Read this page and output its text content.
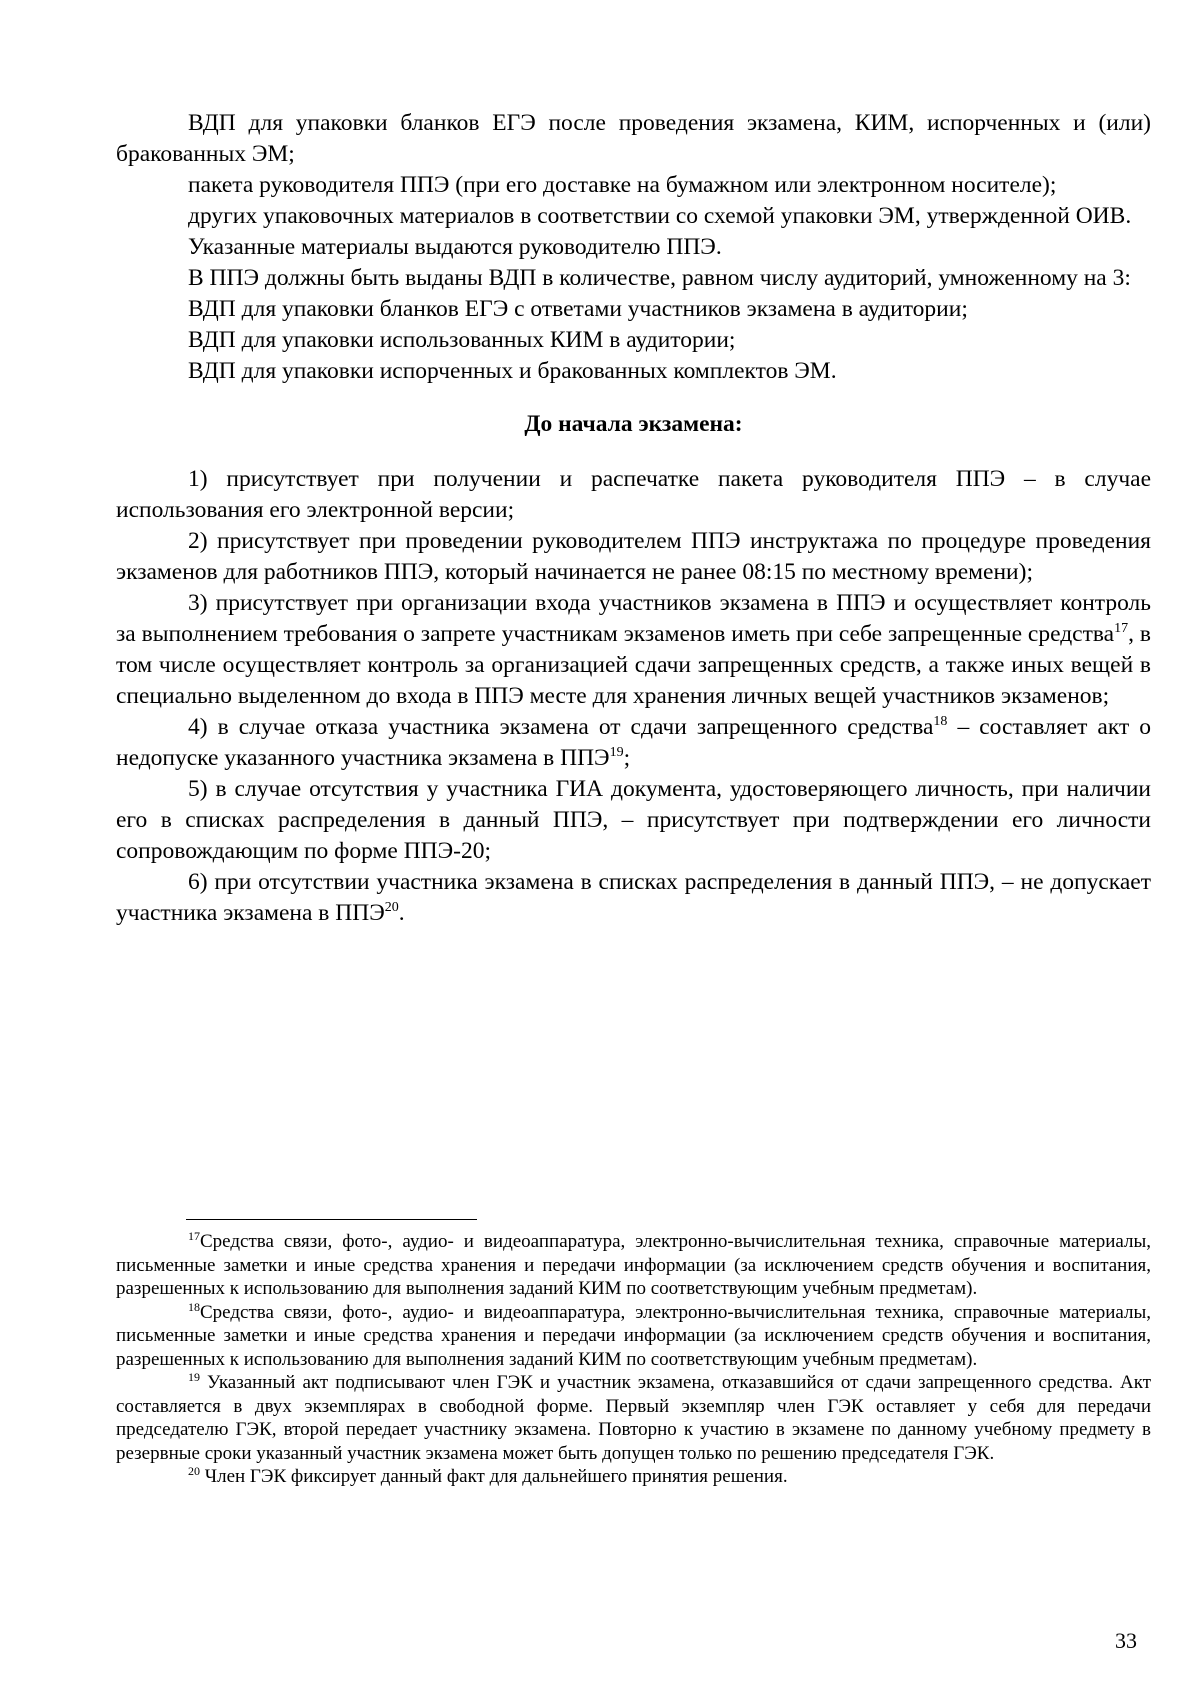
ВДП для упаковки бланков ЕГЭ после проведения экзамена, КИМ, испорченных и (или) бракованных ЭМ;

пакета руководителя ППЭ (при его доставке на бумажном или электронном носителе);

других упаковочных материалов в соответствии со схемой упаковки ЭМ, утвержденной ОИВ.

Указанные материалы выдаются руководителю ППЭ.

В ППЭ должны быть выданы ВДП в количестве, равном числу аудиторий, умноженному на 3:

ВДП для упаковки бланков ЕГЭ с ответами участников экзамена в аудитории;

ВДП для упаковки использованных КИМ в аудитории;

ВДП для упаковки испорченных и бракованных комплектов ЭМ.

До начала экзамена:

1) присутствует при получении и распечатке пакета руководителя ППЭ – в случае использования его электронной версии;

2) присутствует при проведении руководителем ППЭ инструктажа по процедуре проведения экзаменов для работников ППЭ, который начинается не ранее 08:15 по местному времени);

3) присутствует при организации входа участников экзамена в ППЭ и осуществляет контроль за выполнением требования о запрете участникам экзаменов иметь при себе запрещенные средства$^{17}$, в том числе осуществляет контроль за организацией сдачи запрещенных средств, а также иных вещей в специально выделенном до входа в ППЭ месте для хранения личных вещей участников экзаменов;

4) в случае отказа участника экзамена от сдачи запрещенного средства$^{18}$ – составляет акт о недопуске указанного участника экзамена в ППЭ$^{19}$;

5) в случае отсутствия у участника ГИА документа, удостоверяющего личность, при наличии его в списках распределения в данный ППЭ, – присутствует при подтверждении его личности сопровождающим по форме ППЭ-20;

6) при отсутствии участника экзамена в списках распределения в данный ППЭ, – не допускает участника экзамена в ППЭ$^{20}$.

$^{17}$Средства связи, фото-, аудио- и видеоаппаратура, электронно-вычислительная техника, справочные материалы, письменные заметки и иные средства хранения и передачи информации (за исключением средств обучения и воспитания, разрешенных к использованию для выполнения заданий КИМ по соответствующим учебным предметам).

$^{18}$Средства связи, фото-, аудио- и видеоаппаратура, электронно-вычислительная техника, справочные материалы, письменные заметки и иные средства хранения и передачи информации (за исключением средств обучения и воспитания, разрешенных к использованию для выполнения заданий КИМ по соответствующим учебным предметам).

$^{19}$ Указанный акт подписывают член ГЭК и участник экзамена, отказавшийся от сдачи запрещенного средства. Акт составляется в двух экземплярах в свободной форме. Первый экземпляр член ГЭК оставляет у себя для передачи председателю ГЭК, второй передает участнику экзамена. Повторно к участию в экзамене по данному учебному предмету в резервные сроки указанный участник экзамена может быть допущен только по решению председателя ГЭК.

$^{20}$ Член ГЭК фиксирует данный факт для дальнейшего принятия решения.

33
